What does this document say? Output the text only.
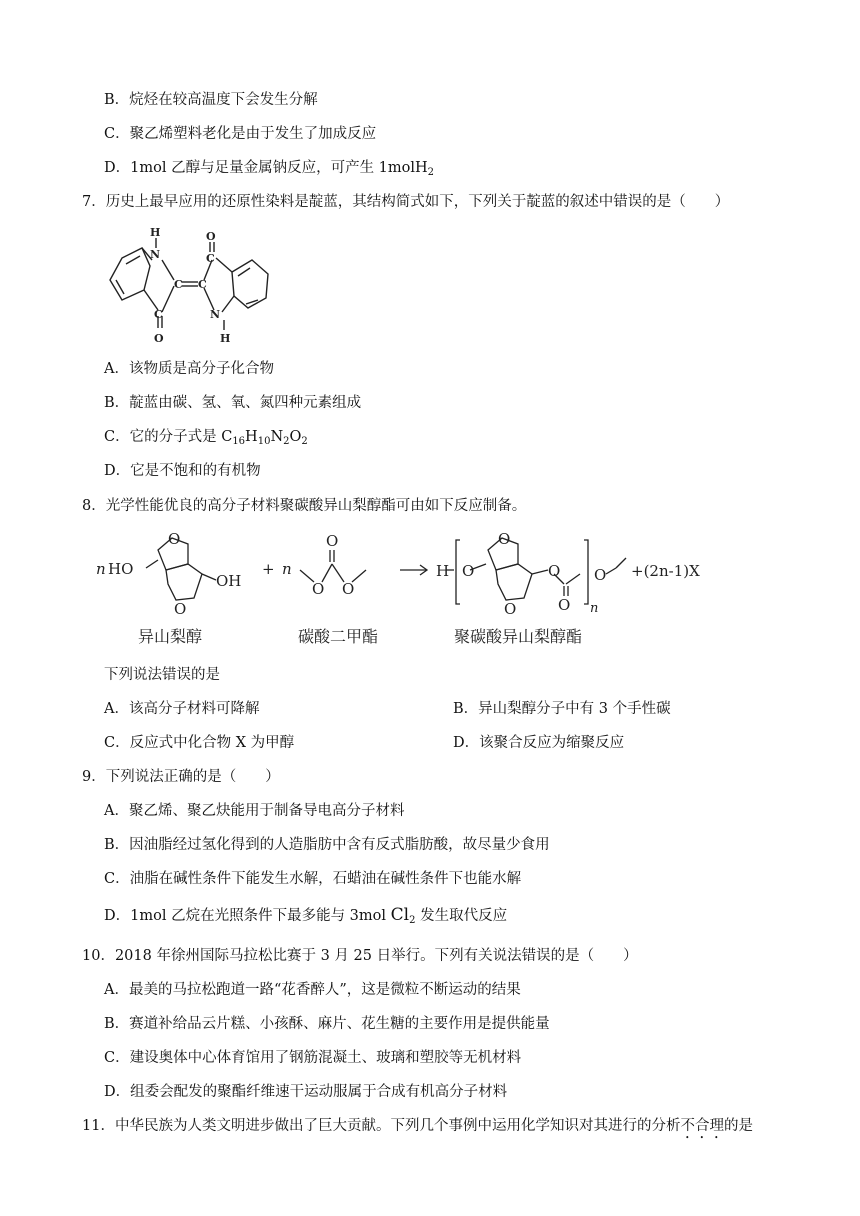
B．烷烃在较高温度下会发生分解
C．聚乙烯塑料老化是由于发生了加成反应
D．1mol 乙醇与足量金属钠反应，可产生 1molH$_2$
7．历史上最早应用的还原性染料是靛蓝，其结构简式如下，下列关于靛蓝的叙述中错误的是（　　）
H
N
O
C
C C
C	N
O	H
A．该物质是高分子化合物
B．靛蓝由碳、氢、氧、氮四种元素组成
C．它的分子式是 $C_{16}H_{10}N_2O_2$
D．它是不饱和的有机物
8．光学性能优良的高分子材料聚碳酸异山梨醇酯可由如下反应制备。
n HO
OH
O
O
+ n
O
O O
H O
O
O
O
O n
O +(2n-1)X
异山梨醇	碳酸二甲酯	聚碳酸异山梨醇酯
下列说法错误的是
A．该高分子材料可降解	B．异山梨醇分子中有 3 个手性碳
C．反应式中化合物 X 为甲醇	D．该聚合反应为缩聚反应
9．下列说法正确的是（　　）
A．聚乙烯、聚乙炔能用于制备导电高分子材料
B．因油脂经过氢化得到的人造脂肪中含有反式脂肪酸，故尽量少食用
C．油脂在碱性条件下能发生水解，石蜡油在碱性条件下也能水解
D．1mol 乙烷在光照条件下最多能与 3mol $Cl_2$ 发生取代反应
10．2018 年徐州国际马拉松比赛于 3 月 25 日举行。下列有关说法错误的是（　　）
A．最美的马拉松跑道一路“花香醉人”，这是微粒不断运动的结果
B．赛道补给品云片糕、小孩酥、麻片、花生糖的主要作用是提供能量
C．建设奥体中心体育馆用了钢筋混凝土、玻璃和塑胶等无机材料
D．组委会配发的聚酯纤维速干运动服属于合成有机高分子材料
11．中华民族为人类文明进步做出了巨大贡献。下列几个事例中运用化学知识对其进行的分析不合理的是
